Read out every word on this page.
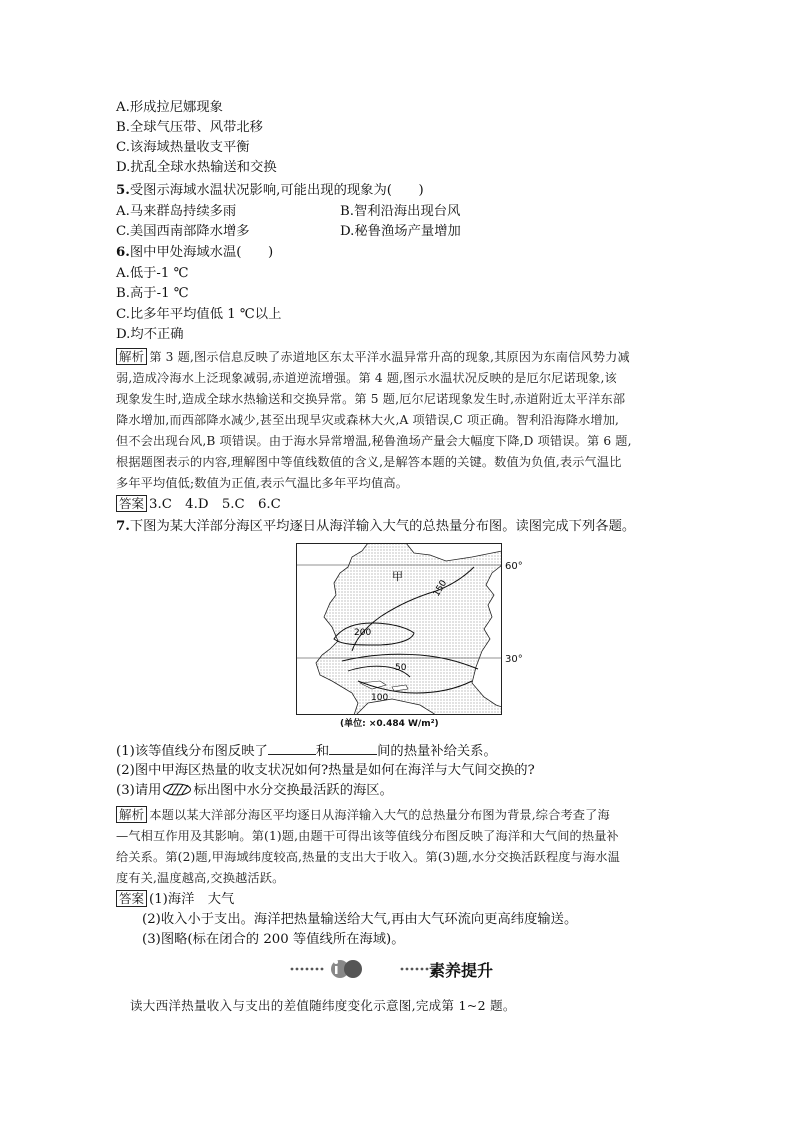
A.形成拉尼娜现象
B.全球气压带、风带北移
C.该海域热量收支平衡
D.扰乱全球水热输送和交换
5.受图示海域水温状况影响,可能出现的现象为(　　)
A.马来群岛持续多雨	B.智利沿海出现台风
C.美国西南部降水增多	D.秘鲁渔场产量增加
6.图中甲处海域水温(　　)
A.低于-1 ℃
B.高于-1 ℃
C.比多年平均值低 1 ℃以上
D.均不正确
解析 第 3 题,图示信息反映了赤道地区东太平洋水温异常升高的现象,其原因为东南信风势力减
弱,造成冷海水上泛现象减弱,赤道逆流增强。第 4 题,图示水温状况反映的是厄尔尼诺现象,该
现象发生时,造成全球水热输送和交换异常。第 5 题,厄尔尼诺现象发生时,赤道附近太平洋东部
降水增加,而西部降水减少,甚至出现旱灾或森林大火,A 项错误,C 项正确。智利沿海降水增加,
但不会出现台风,B 项错误。由于海水异常增温,秘鲁渔场产量会大幅度下降,D 项错误。第 6 题,
根据题图表示的内容,理解图中等值线数值的含义,是解答本题的关键。数值为负值,表示气温比
多年平均值低;数值为正值,表示气温比多年平均值高。
答案 3.C　4.D　5.C　6.C
7.下图为某大洋部分海区平均逐日从海洋输入大气的总热量分布图。读图完成下列各题。
甲
150
200
50
100
60°
30°
(单位: ×0.484 W/m²)
(1)该等值线分布图反映了	和	间的热量补给关系。
(2)图中甲海区热量的收支状况如何?热量是如何在海洋与大气间交换的?
(3)请用 标出图中水分交换最活跃的海区。
解析 本题以某大洋部分海区平均逐日从海洋输入大气的总热量分布图为背景,综合考查了海
—气相互作用及其影响。第(1)题,由题干可得出该等值线分布图反映了海洋和大气间的热量补
给关系。第(2)题,甲海域纬度较高,热量的支出大于收入。第(3)题,水分交换活跃程度与海水温
度有关,温度越高,交换越活跃。
答案 (1)海洋　大气
(2)收入小于支出。海洋把热量输送给大气,再由大气环流向更高纬度输送。
(3)图略(标在闭合的 200 等值线所在海域)。
素养提升
读大西洋热量收入与支出的差值随纬度变化示意图,完成第 1~2 题。
